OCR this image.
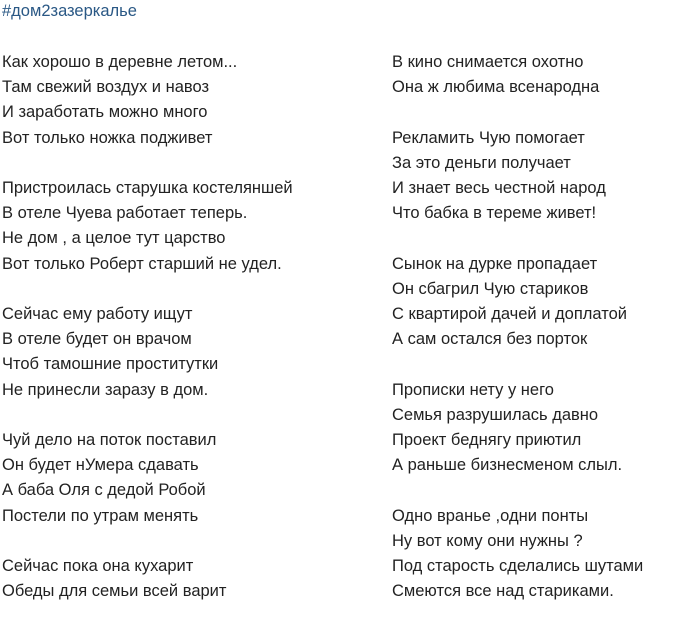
#дом2зазеркалье
Как хорошо в деревне летом...
Там свежий воздух и навоз
И заработать можно много
Вот только ножка подживет
Пристроилась старушка костеляншей
В отеле Чуева работает теперь.
Не дом , а целое тут царство
Вот только Роберт старший не удел.
Сейчас ему работу ищут
В отеле будет он врачом
Чтоб тамошние проститутки
Не принесли заразу в дом.
Чуй дело на поток поставил
Он будет нУмера сдавать
А баба Оля с дедой Робой
Постели по утрам менять
Сейчас пока она кухарит
Обеды для семьи всей варит
В кино снимается охотно
Она ж любима всенародна
Рекламить Чую помогает
За это деньги получает
И знает весь честной народ
Что бабка в тереме живет!
Сынок на дурке пропадает
Он сбагрил Чую стариков
С квартирой дачей и доплатой
А сам остался без порток
Прописки нету у него
Семья разрушилась давно
Проект беднягу приютил
А раньше бизнесменом слыл.
Одно вранье ,одни понты
Ну вот кому они нужны ?
Под старость сделались шутами
Смеются все над стариками.
